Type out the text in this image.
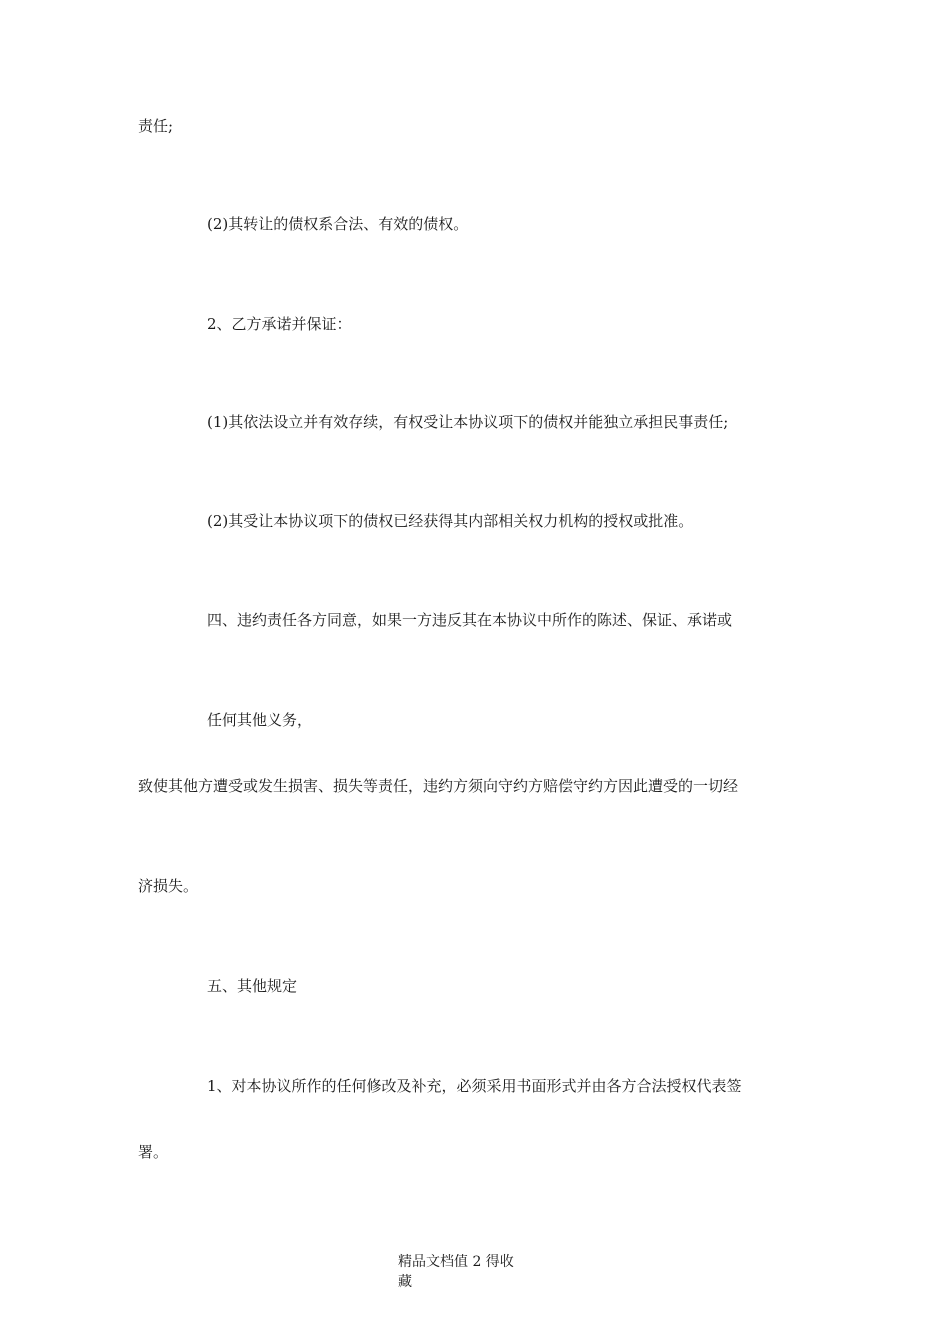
责任;
(2)其转让的债权系合法、有效的债权。
2、乙方承诺并保证：
(1)其依法设立并有效存续，有权受让本协议项下的债权并能独立承担民事责任;
(2)其受让本协议项下的债权已经获得其内部相关权力机构的授权或批准。
四、违约责任各方同意，如果一方违反其在本协议中所作的陈述、保证、承诺或
任何其他义务，
致使其他方遭受或发生损害、损失等责任，违约方须向守约方赔偿守约方因此遭受的一切经
济损失。
五、其他规定
1、对本协议所作的任何修改及补充，必须采用书面形式并由各方合法授权代表签
署。
精品文档值 2 得收藏
